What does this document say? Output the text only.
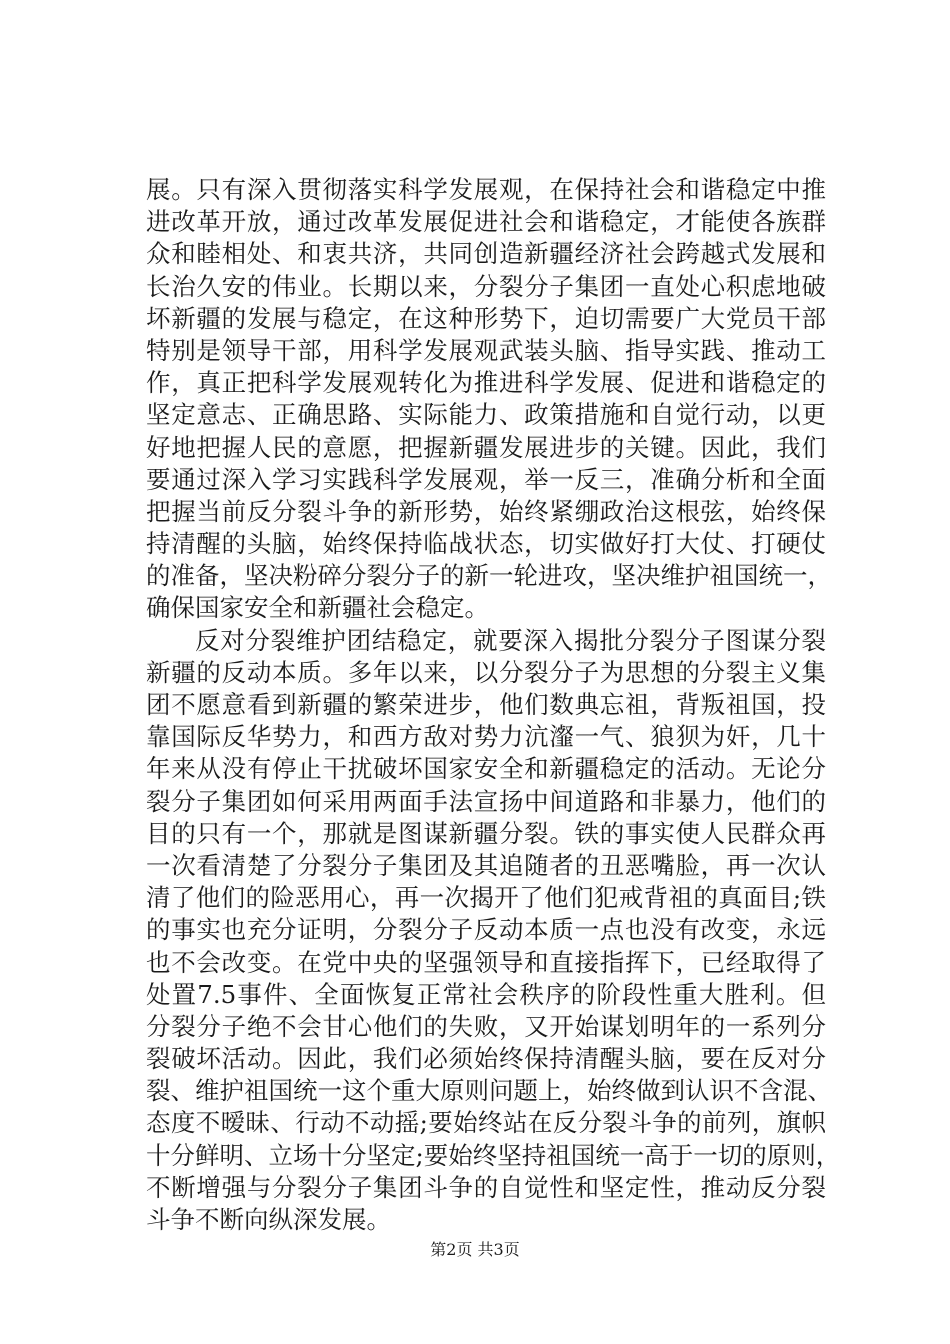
展。只有深入贯彻落实科学发展观，在保持社会和谐稳定中推
进改革开放，通过改革发展促进社会和谐稳定，才能使各族群
众和睦相处、和衷共济，共同创造新疆经济社会跨越式发展和
长治久安的伟业。长期以来，分裂分子集团一直处心积虑地破
坏新疆的发展与稳定，在这种形势下，迫切需要广大党员干部
特别是领导干部，用科学发展观武装头脑、指导实践、推动工
作，真正把科学发展观转化为推进科学发展、促进和谐稳定的
坚定意志、正确思路、实际能力、政策措施和自觉行动，以更
好地把握人民的意愿，把握新疆发展进步的关键。因此，我们
要通过深入学习实践科学发展观，举一反三，准确分析和全面
把握当前反分裂斗争的新形势，始终紧绷政治这根弦，始终保
持清醒的头脑，始终保持临战状态，切实做好打大仗、打硬仗
的准备，坚决粉碎分裂分子的新一轮进攻，坚决维护祖国统一，
确保国家安全和新疆社会稳定。
反对分裂维护团结稳定，就要深入揭批分裂分子图谋分裂
新疆的反动本质。多年以来，以分裂分子为思想的分裂主义集
团不愿意看到新疆的繁荣进步，他们数典忘祖，背叛祖国，投
靠国际反华势力，和西方敌对势力沆瀣一气、狼狈为奸，几十
年来从没有停止干扰破坏国家安全和新疆稳定的活动。无论分
裂分子集团如何采用两面手法宣扬中间道路和非暴力，他们的
目的只有一个，那就是图谋新疆分裂。铁的事实使人民群众再
一次看清楚了分裂分子集团及其追随者的丑恶嘴脸，再一次认
清了他们的险恶用心，再一次揭开了他们犯戒背祖的真面目;铁
的事实也充分证明，分裂分子反动本质一点也没有改变，永远
也不会改变。在党中央的坚强领导和直接指挥下，已经取得了
处置7.5事件、全面恢复正常社会秩序的阶段性重大胜利。但
分裂分子绝不会甘心他们的失败，又开始谋划明年的一系列分
裂破坏活动。因此，我们必须始终保持清醒头脑，要在反对分
裂、维护祖国统一这个重大原则问题上，始终做到认识不含混、
态度不暧昧、行动不动摇;要始终站在反分裂斗争的前列，旗帜
十分鲜明、立场十分坚定;要始终坚持祖国统一高于一切的原则，
不断增强与分裂分子集团斗争的自觉性和坚定性，推动反分裂
斗争不断向纵深发展。
第2页 共3页
